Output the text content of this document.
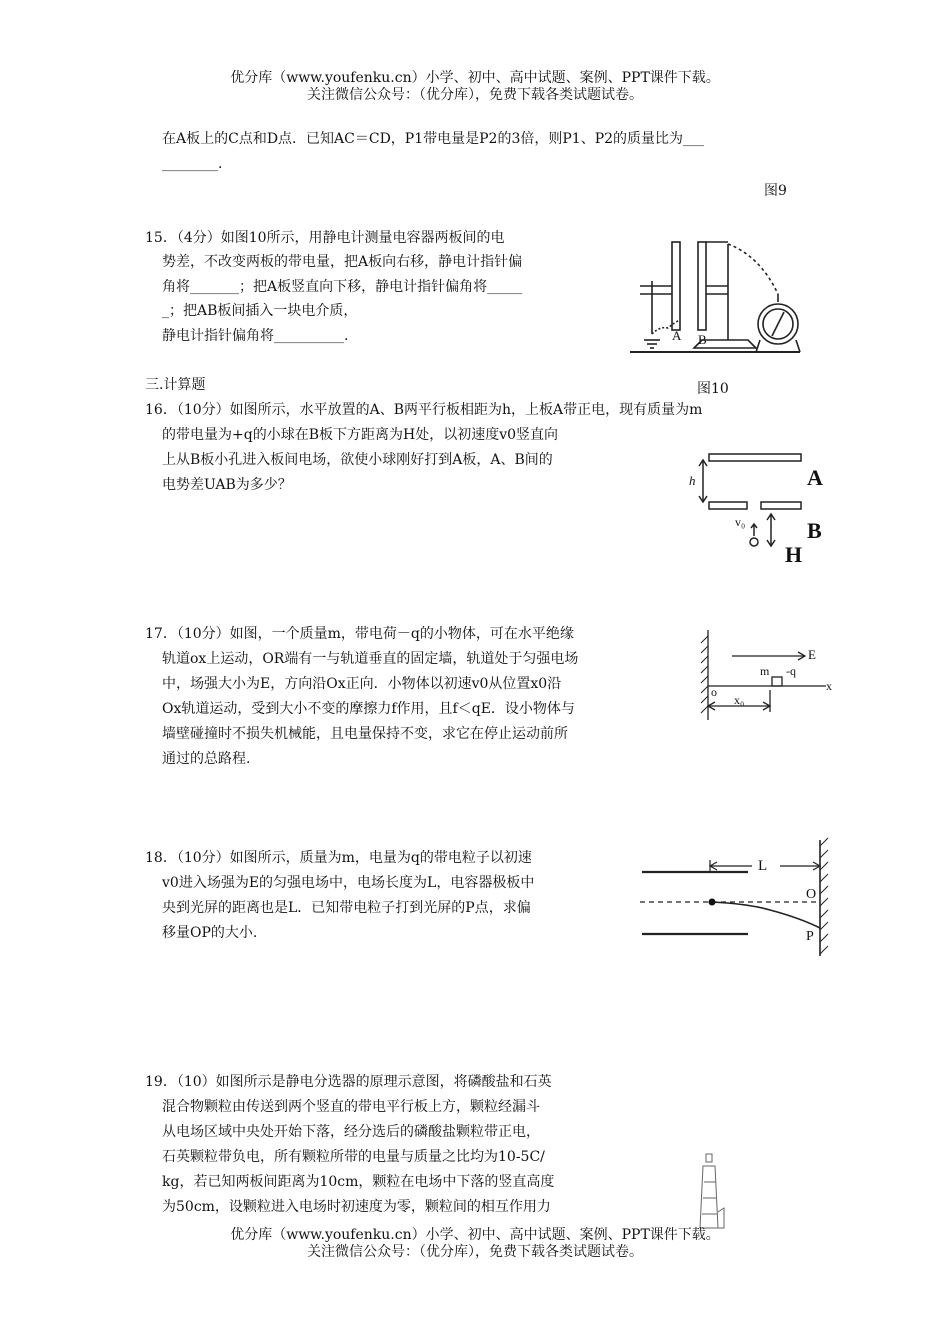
优分库（www.youfenku.cn）小学、初中、高中试题、案例、PPT课件下载。
关注微信公众号：（优分库），免费下载各类试题试卷。
在A板上的C点和D点．已知AC＝CD，P1带电量是P2的3倍，则P1、P2的质量比为___
________.
图9
15．（4分）如图10所示，用静电计测量电容器两板间的电
势差，不改变两板的带电量，把A板向右移，静电计指针偏
角将_______；把A板竖直向下移，静电计指针偏角将_____
_；把AB板间插入一块电介质，
静电计指针偏角将__________.	A B
三.计算题	图10
16．（10分）如图所示，水平放置的A、B两平行板相距为h，上板A带正电，现有质量为m
的带电量为+q的小球在B板下方距离为H处，以初速度v0竖直向
上从B板小孔进入板间电场，欲使小球刚好打到A板，A、B间的
电势差UAB为多少？	h	A
B
H
v₀
17．（10分）如图，一个质量m，带电荷－q的小物体，可在水平绝缘
轨道ox上运动，OR端有一与轨道垂直的固定墙，轨道处于匀强电场
中，场强大小为E，方向沿Ox正向．小物体以初速v0从位置x0沿
Ox轨道运动，受到大小不变的摩擦力f作用，且f＜qE．设小物体与
墙壁碰撞时不损失机械能，且电量保持不变，求它在停止运动前所
通过的总路程.
E
m -q
o	x
x₀
18．（10分）如图所示，质量为m，电量为q的带电粒子以初速
v0进入场强为E的匀强电场中，电场长度为L，电容器极板中
央到光屏的距离也是L．已知带电粒子打到光屏的P点，求偏
移量OP的大小.
L
O
P
19．（10）如图所示是静电分选器的原理示意图，将磷酸盐和石英
混合物颗粒由传送到两个竖直的带电平行板上方，颗粒经漏斗
从电场区域中央处开始下落，经分选后的磷酸盐颗粒带正电，
石英颗粒带负电，所有颗粒所带的电量与质量之比均为10-5C/
kg，若已知两板间距离为10cm，颗粒在电场中下落的竖直高度
为50cm，设颗粒进入电场时初速度为零，颗粒间的相互作用力
优分库（www.youfenku.cn）小学、初中、高中试题、案例、PPT课件下载。
关注微信公众号：（优分库），免费下载各类试题试卷。
